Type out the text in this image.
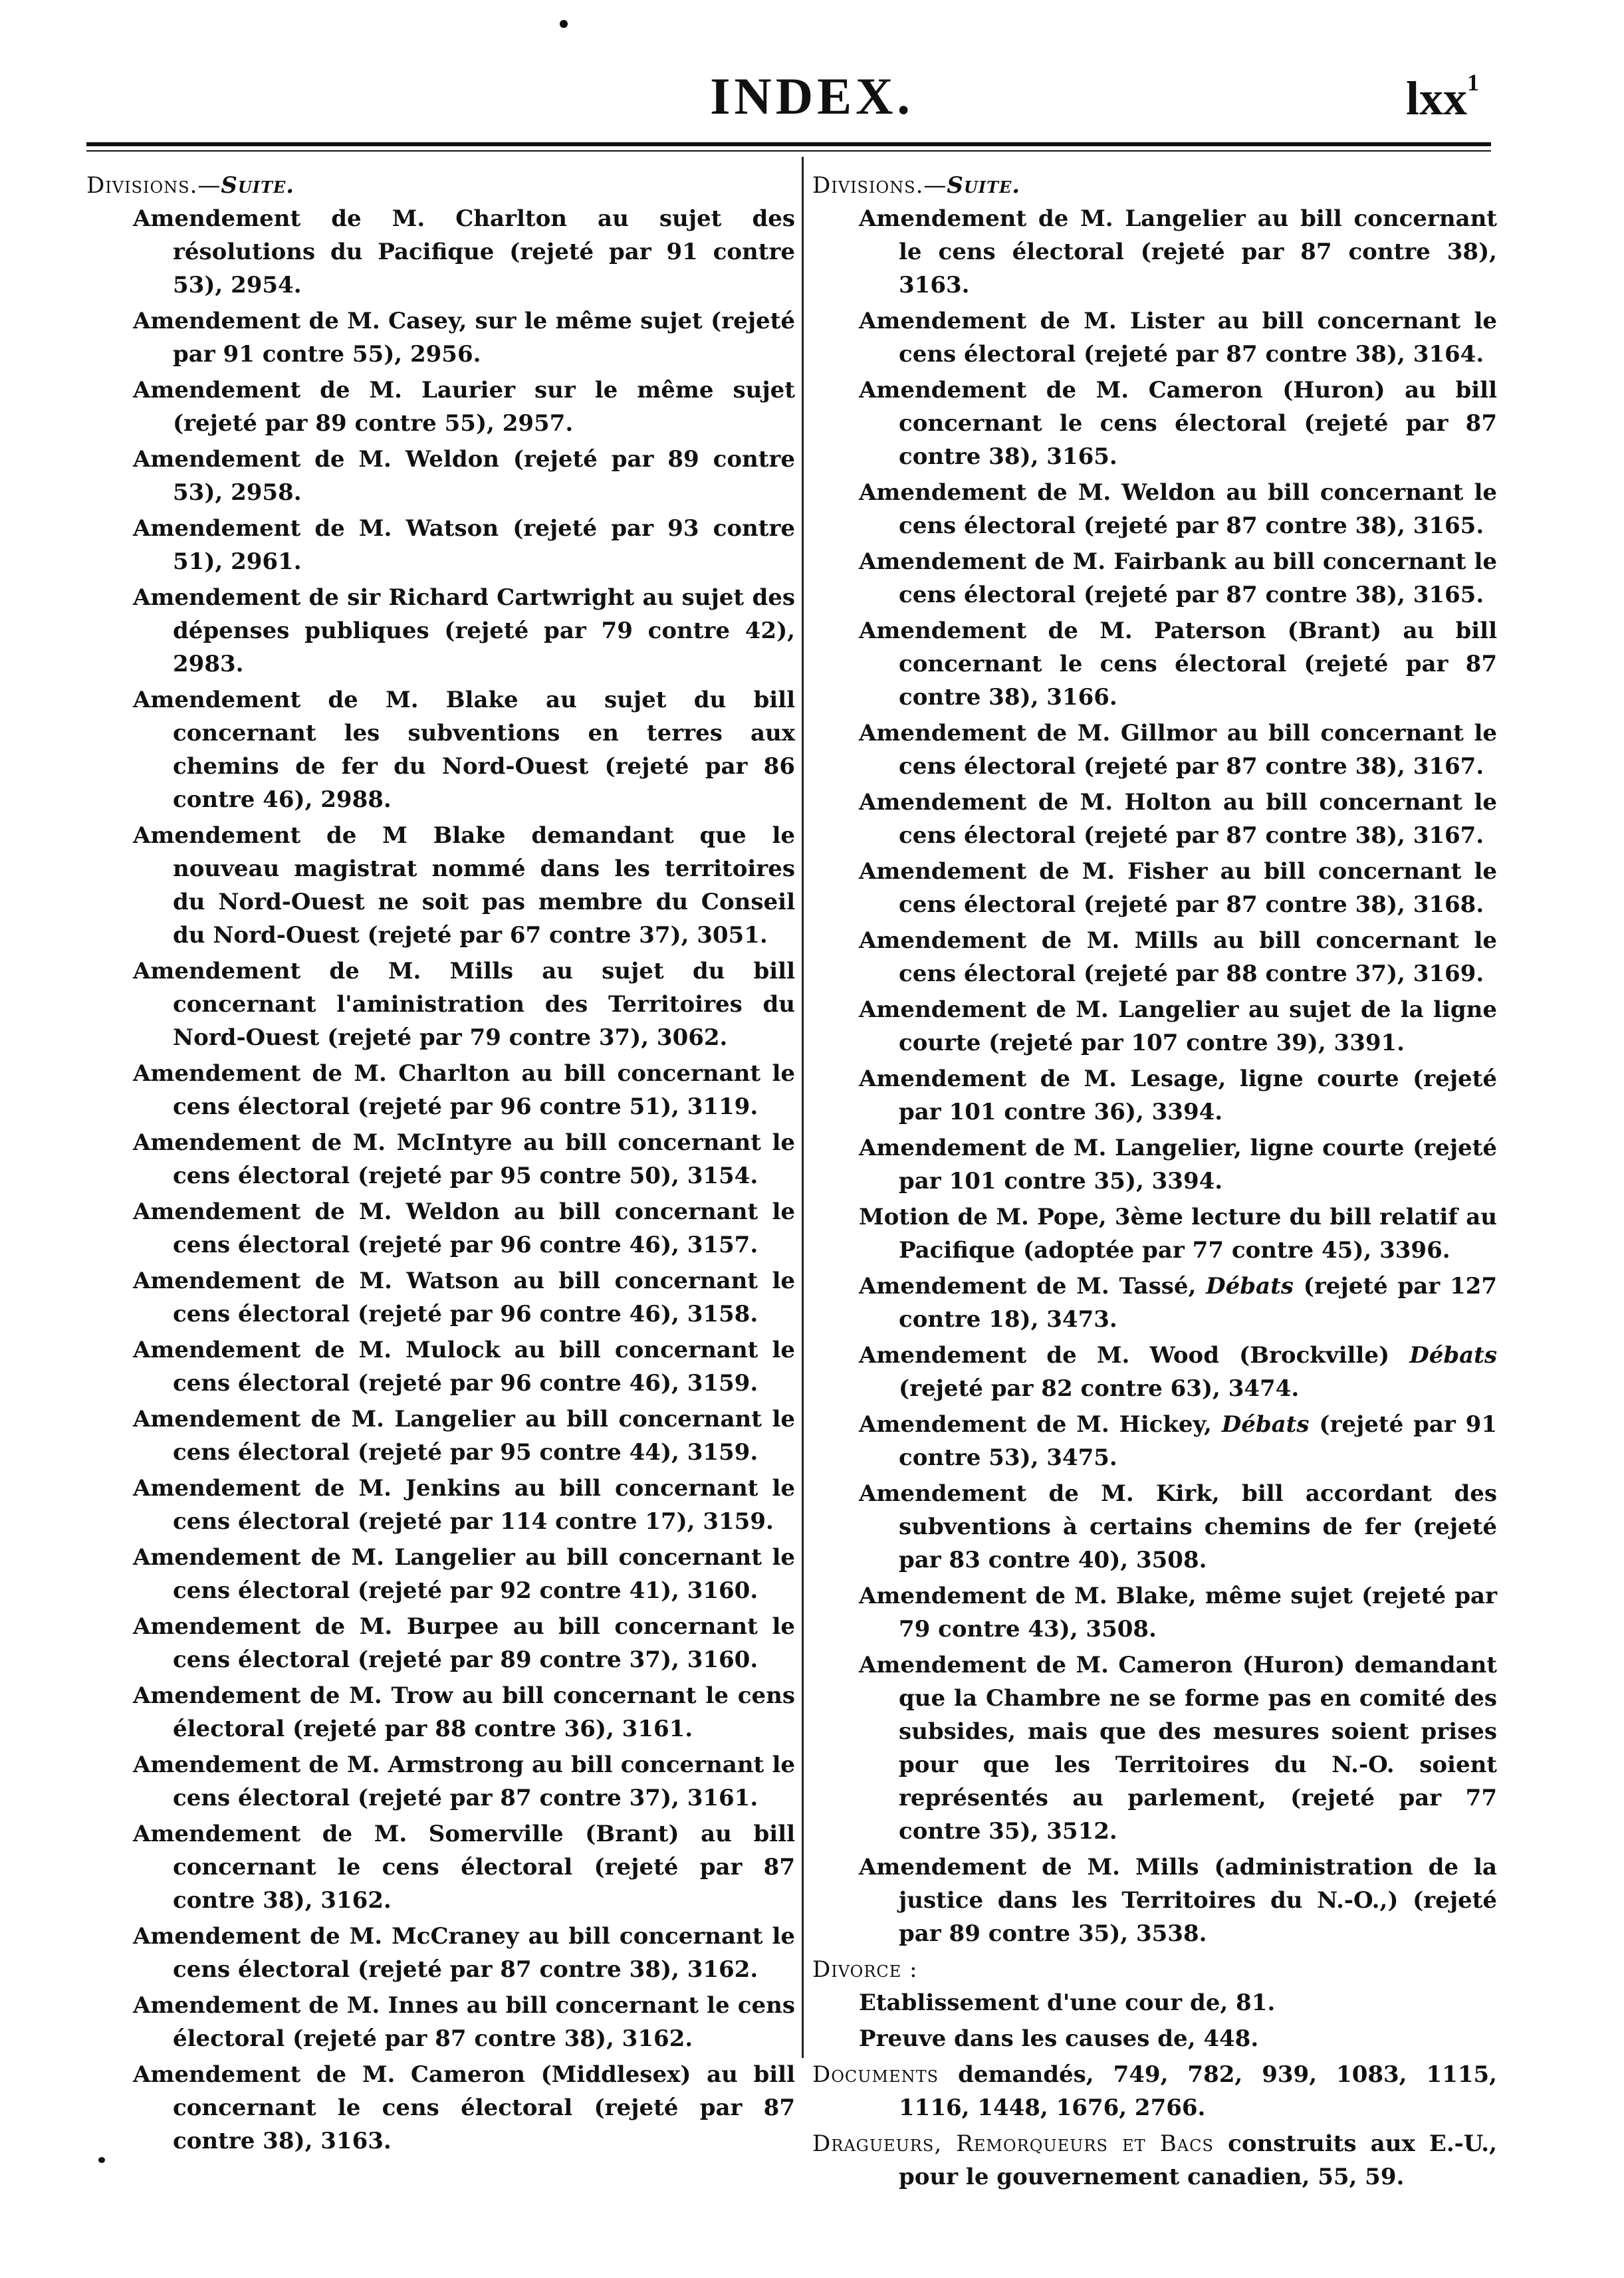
INDEX.	lxx$^1$

Divisions.—Suite.

Amendement de M. Charlton au sujet des résolutions du Pacifique (rejeté par 91 contre 53), 2954.

Amendement de M. Casey, sur le même sujet (rejeté par 91 contre 55), 2956.

Amendement de M. Laurier sur le même sujet (rejeté par 89 contre 55), 2957.

Amendement de M. Weldon (rejeté par 89 contre 53), 2958.

Amendement de M. Watson (rejeté par 93 contre 51), 2961.

Amendement de sir Richard Cartwright au sujet des dépenses publiques (rejeté par 79 contre 42), 2983.

Amendement de M. Blake au sujet du bill concernant les subventions en terres aux chemins de fer du Nord-Ouest (rejeté par 86 contre 46), 2988.

Amendement de M Blake demandant que le nouveau magistrat nommé dans les territoires du Nord-Ouest ne soit pas membre du Conseil du Nord-Ouest (rejeté par 67 contre 37), 3051.

Amendement de M. Mills au sujet du bill concernant l'aministration des Territoires du Nord-Ouest (rejeté par 79 contre 37), 3062.

Amendement de M. Charlton au bill concernant le cens électoral (rejeté par 96 contre 51), 3119.

Amendement de M. McIntyre au bill concernant le cens électoral (rejeté par 95 contre 50), 3154.

Amendement de M. Weldon au bill concernant le cens électoral (rejeté par 96 contre 46), 3157.

Amendement de M. Watson au bill concernant le cens électoral (rejeté par 96 contre 46), 3158.

Amendement de M. Mulock au bill concernant le cens électoral (rejeté par 96 contre 46), 3159.

Amendement de M. Langelier au bill concernant le cens électoral (rejeté par 95 contre 44), 3159.

Amendement de M. Jenkins au bill concernant le cens électoral (rejeté par 114 contre 17), 3159.

Amendement de M. Langelier au bill concernant le cens électoral (rejeté par 92 contre 41), 3160.

Amendement de M. Burpee au bill concernant le cens électoral (rejeté par 89 contre 37), 3160.

Amendement de M. Trow au bill concernant le cens électoral (rejeté par 88 contre 36), 3161.

Amendement de M. Armstrong au bill concernant le cens électoral (rejeté par 87 contre 37), 3161.

Amendement de M. Somerville (Brant) au bill concernant le cens électoral (rejeté par 87 contre 38), 3162.

Amendement de M. McCraney au bill concernant le cens électoral (rejeté par 87 contre 38), 3162.

Amendement de M. Innes au bill concernant le cens électoral (rejeté par 87 contre 38), 3162.

Amendement de M. Cameron (Middlesex) au bill concernant le cens électoral (rejeté par 87 contre 38), 3163.

Divisions.—Suite.

Amendement de M. Langelier au bill concernant le cens électoral (rejeté par 87 contre 38), 3163.

Amendement de M. Lister au bill concernant le cens électoral (rejeté par 87 contre 38), 3164.

Amendement de M. Cameron (Huron) au bill concernant le cens électoral (rejeté par 87 contre 38), 3165.

Amendement de M. Weldon au bill concernant le cens électoral (rejeté par 87 contre 38), 3165.

Amendement de M. Fairbank au bill concernant le cens électoral (rejeté par 87 contre 38), 3165.

Amendement de M. Paterson (Brant) au bill concernant le cens électoral (rejeté par 87 contre 38), 3166.

Amendement de M. Gillmor au bill concernant le cens électoral (rejeté par 87 contre 38), 3167.

Amendement de M. Holton au bill concernant le cens électoral (rejeté par 87 contre 38), 3167.

Amendement de M. Fisher au bill concernant le cens électoral (rejeté par 87 contre 38), 3168.

Amendement de M. Mills au bill concernant le cens électoral (rejeté par 88 contre 37), 3169.

Amendement de M. Langelier au sujet de la ligne courte (rejeté par 107 contre 39), 3391.

Amendement de M. Lesage, ligne courte (rejeté par 101 contre 36), 3394.

Amendement de M. Langelier, ligne courte (rejeté par 101 contre 35), 3394.

Motion de M. Pope, 3ème lecture du bill relatif au Pacifique (adoptée par 77 contre 45), 3396.

Amendement de M. Tassé, Débats (rejeté par 127 contre 18), 3473.

Amendement de M. Wood (Brockville) Débats (rejeté par 82 contre 63), 3474.

Amendement de M. Hickey, Débats (rejeté par 91 contre 53), 3475.

Amendement de M. Kirk, bill accordant des subventions à certains chemins de fer (rejeté par 83 contre 40), 3508.

Amendement de M. Blake, même sujet (rejeté par 79 contre 43), 3508.

Amendement de M. Cameron (Huron) demandant que la Chambre ne se forme pas en comité des subsides, mais que des mesures soient prises pour que les Territoires du N.-O. soient représentés au parlement, (rejeté par 77 contre 35), 3512.

Amendement de M. Mills (administration de la justice dans les Territoires du N.-O.,) (rejeté par 89 contre 35), 3538.

Divorce :

Etablissement d'une cour de, 81.

Preuve dans les causes de, 448.

Documents demandés, 749, 782, 939, 1083, 1115, 1116, 1448, 1676, 2766.

Dragueurs, Remorqueurs et Bacs construits aux E.-U., pour le gouvernement canadien, 55, 59.
